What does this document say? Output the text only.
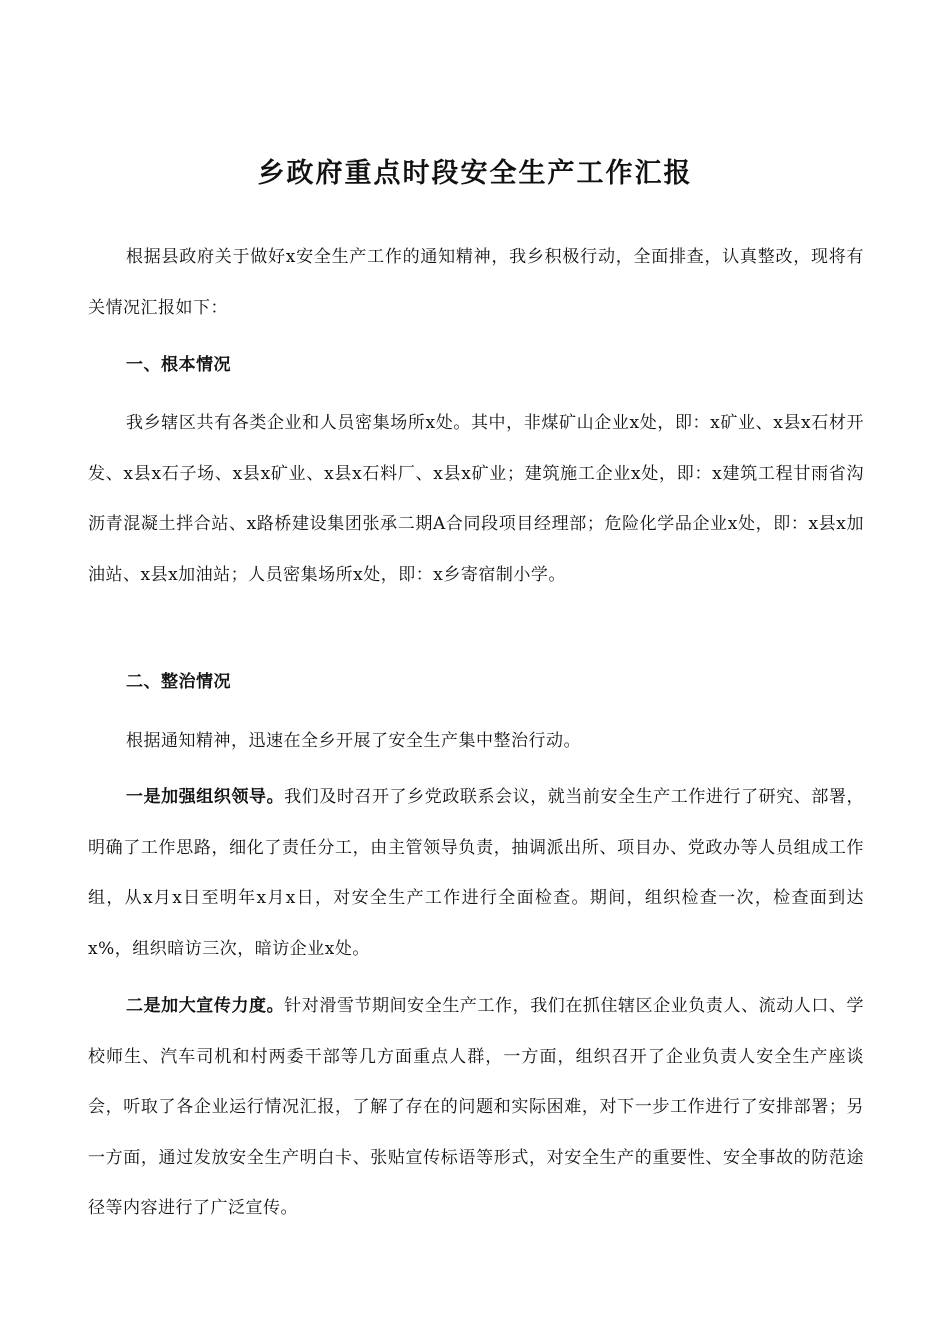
乡政府重点时段安全生产工作汇报

根据县政府关于做好x安全生产工作的通知精神，我乡积极行动，全面排查，认真整改，现将有关情况汇报如下：

一、根本情况

我乡辖区共有各类企业和人员密集场所x处。其中，非煤矿山企业x处，即：x矿业、x县x石材开发、x县x石子场、x县x矿业、x县x石料厂、x县x矿业；建筑施工企业x处，即：x建筑工程甘雨省沟沥青混凝土拌合站、x路桥建设集团张承二期A合同段项目经理部；危险化学品企业x处，即：x县x加油站、x县x加油站；人员密集场所x处，即：x乡寄宿制小学。

二、整治情况

根据通知精神，迅速在全乡开展了安全生产集中整治行动。

一是加强组织领导。我们及时召开了乡党政联系会议，就当前安全生产工作进行了研究、部署，明确了工作思路，细化了责任分工，由主管领导负责，抽调派出所、项目办、党政办等人员组成工作组，从x月x日至明年x月x日，对安全生产工作进行全面检查。期间，组织检查一次，检查面到达x%，组织暗访三次，暗访企业x处。

二是加大宣传力度。针对滑雪节期间安全生产工作，我们在抓住辖区企业负责人、流动人口、学校师生、汽车司机和村两委干部等几方面重点人群，一方面，组织召开了企业负责人安全生产座谈会，听取了各企业运行情况汇报，了解了存在的问题和实际困难，对下一步工作进行了安排部署；另一方面，通过发放安全生产明白卡、张贴宣传标语等形式，对安全生产的重要性、安全事故的防范途径等内容进行了广泛宣传。
